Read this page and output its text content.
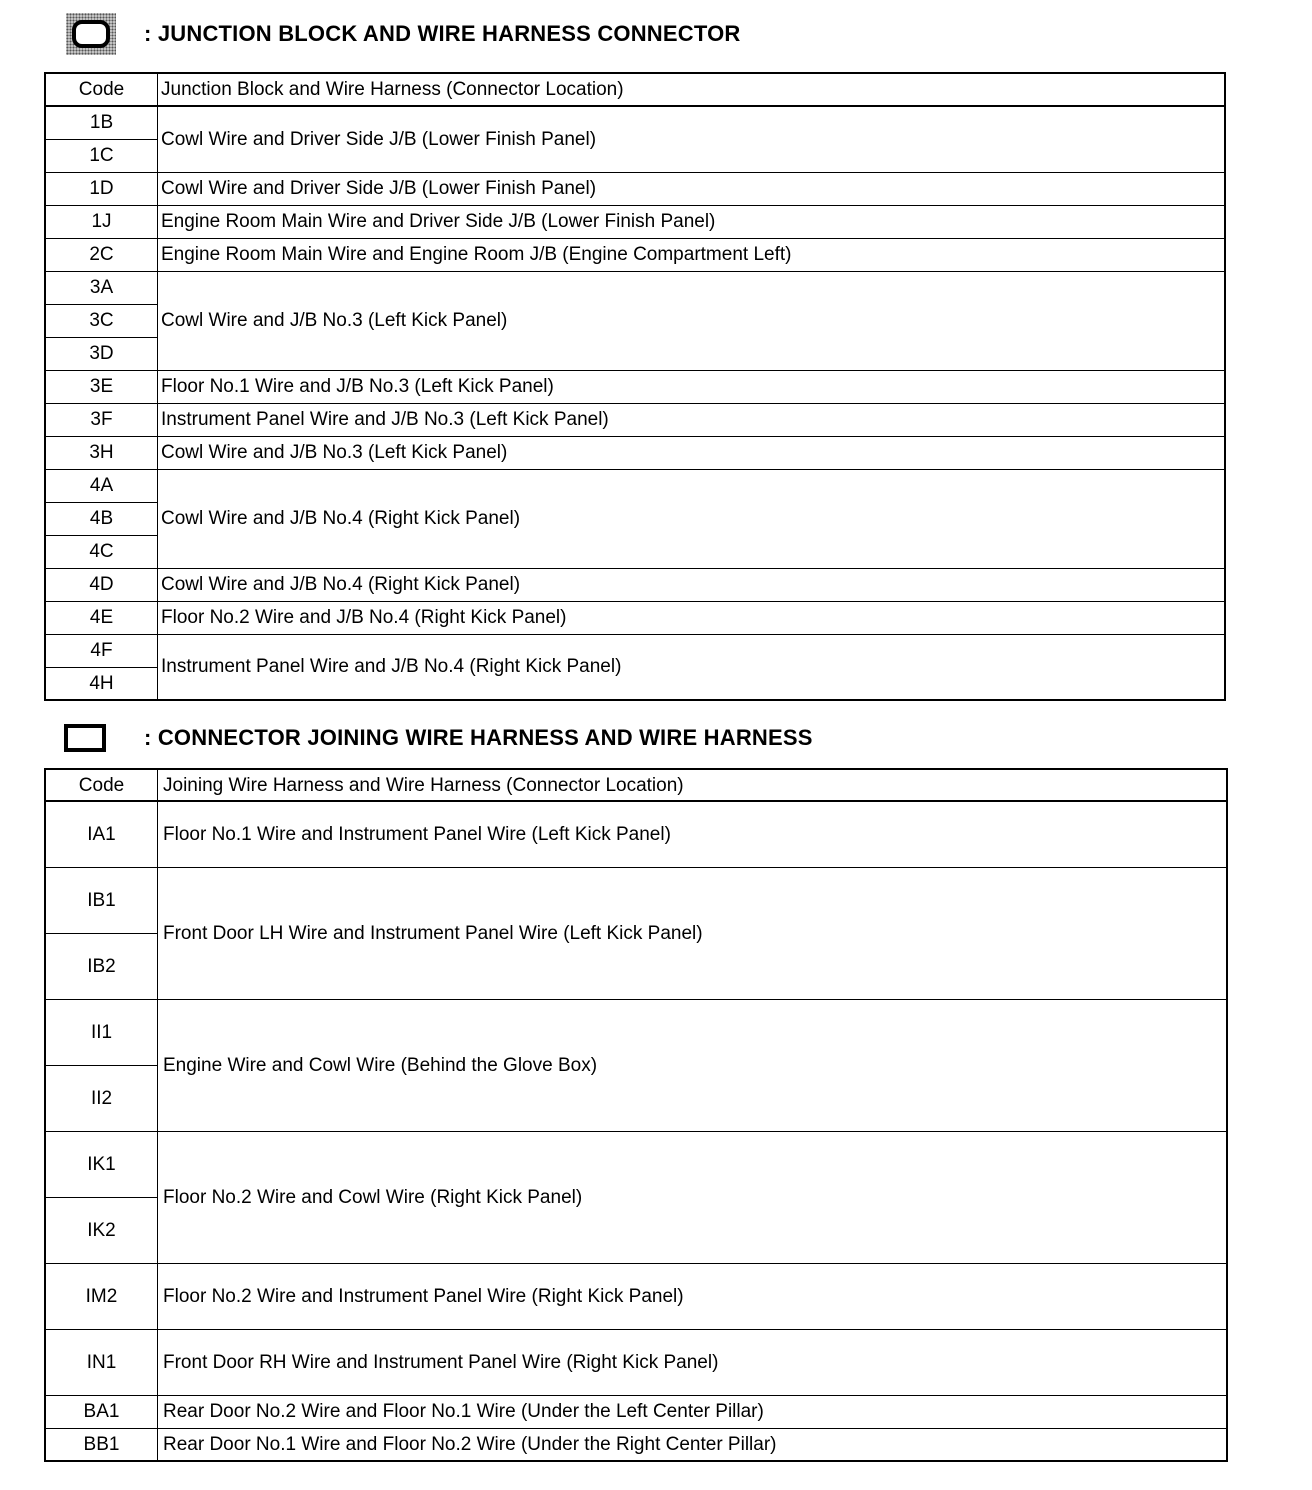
: JUNCTION BLOCK AND WIRE HARNESS CONNECTOR
Code	Junction Block and Wire Harness (Connector Location)
1B	Cowl Wire and Driver Side J/B (Lower Finish Panel)
1C	
1D	Cowl Wire and Driver Side J/B (Lower Finish Panel)
1J	Engine Room Main Wire and Driver Side J/B (Lower Finish Panel)
2C	Engine Room Main Wire and Engine Room J/B (Engine Compartment Left)
3A	Cowl Wire and J/B No.3 (Left Kick Panel)
3C	
3D	
3E	Floor No.1 Wire and J/B No.3 (Left Kick Panel)
3F	Instrument Panel Wire and J/B No.3 (Left Kick Panel)
3H	Cowl Wire and J/B No.3 (Left Kick Panel)
4A	Cowl Wire and J/B No.4 (Right Kick Panel)
4B	
4C	
4D	Cowl Wire and J/B No.4 (Right Kick Panel)
4E	Floor No.2 Wire and J/B No.4 (Right Kick Panel)
4F	Instrument Panel Wire and J/B No.4 (Right Kick Panel)
4H	
: CONNECTOR JOINING WIRE HARNESS AND WIRE HARNESS
Code	Joining Wire Harness and Wire Harness (Connector Location)
IA1	Floor No.1 Wire and Instrument Panel Wire (Left Kick Panel)
IB1	Front Door LH Wire and Instrument Panel Wire (Left Kick Panel)
IB2	
II1	Engine Wire and Cowl Wire (Behind the Glove Box)
II2	
IK1	Floor No.2 Wire and Cowl Wire (Right Kick Panel)
IK2	
IM2	Floor No.2 Wire and Instrument Panel Wire (Right Kick Panel)
IN1	Front Door RH Wire and Instrument Panel Wire (Right Kick Panel)
BA1	Rear Door No.2 Wire and Floor No.1 Wire (Under the Left Center Pillar)
BB1	Rear Door No.1 Wire and Floor No.2 Wire (Under the Right Center Pillar)
